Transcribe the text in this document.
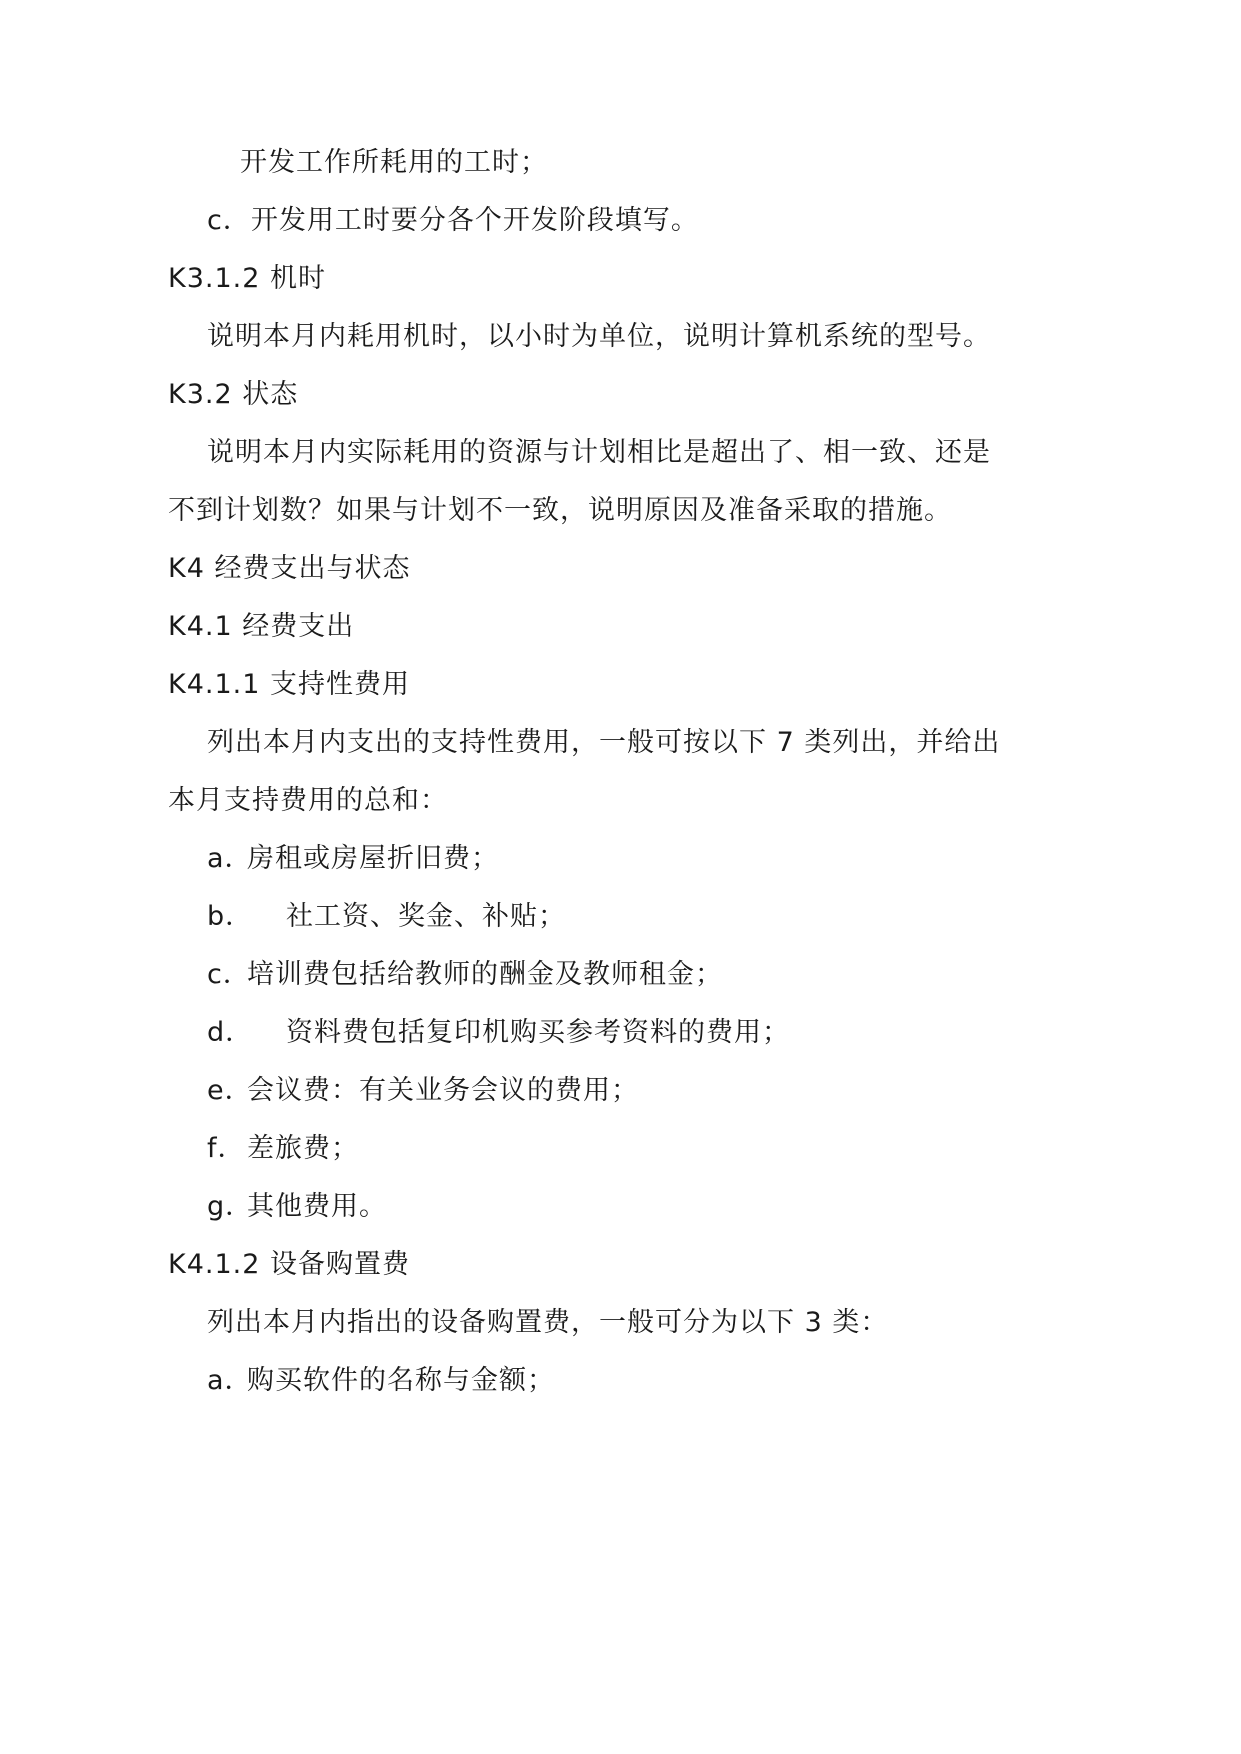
开发工作所耗用的工时；
c．开发用工时要分各个开发阶段填写。
K3.1.2 机时
说明本月内耗用机时，以小时为单位，说明计算机系统的型号。
K3.2 状态
说明本月内实际耗用的资源与计划相比是超出了、相一致、还是
不到计划数？如果与计划不一致，说明原因及准备采取的措施。
K4 经费支出与状态
K4.1 经费支出
K4.1.1 支持性费用
列出本月内支出的支持性费用，一般可按以下 7 类列出，并给出
本月支持费用的总和：
a．房租或房屋折旧费；
b． 社工资、奖金、补贴；
c．培训费包括给教师的酬金及教师租金；
d． 资料费包括复印机购买参考资料的费用；
e．会议费：有关业务会议的费用；
f．差旅费；
g．其他费用。
K4.1.2 设备购置费
列出本月内指出的设备购置费，一般可分为以下 3 类：
a．购买软件的名称与金额；
